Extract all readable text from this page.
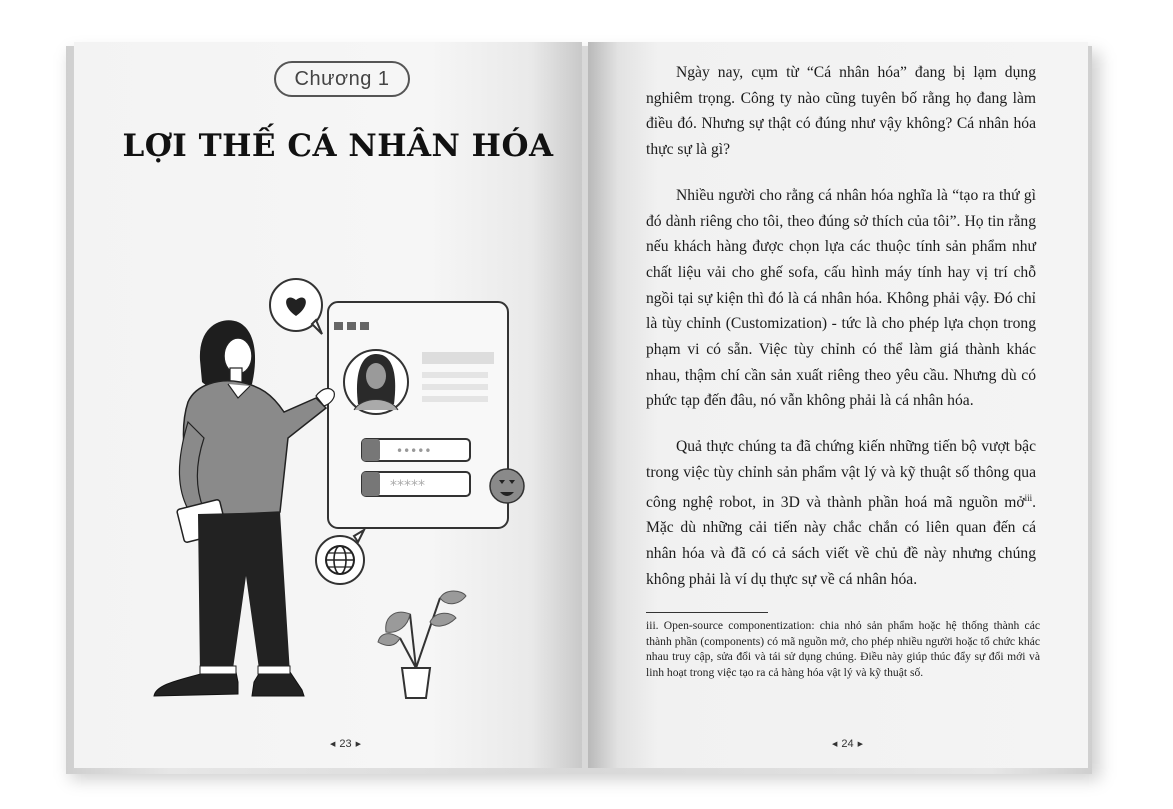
Chương 1
LỢI THẾ CÁ NHÂN HÓA
•••••
*****

Ngày nay, cụm từ “Cá nhân hóa” đang bị lạm dụng nghiêm trọng. Công ty nào cũng tuyên bố rằng họ đang làm điều đó. Nhưng sự thật có đúng như vậy không? Cá nhân hóa thực sự là gì?

Nhiều người cho rằng cá nhân hóa nghĩa là “tạo ra thứ gì đó dành riêng cho tôi, theo đúng sở thích của tôi”. Họ tin rằng nếu khách hàng được chọn lựa các thuộc tính sản phẩm như chất liệu vải cho ghế sofa, cấu hình máy tính hay vị trí chỗ ngồi tại sự kiện thì đó là cá nhân hóa. Không phải vậy. Đó chỉ là tùy chỉnh (Customization) - tức là cho phép lựa chọn trong phạm vi có sẵn. Việc tùy chỉnh có thể làm giá thành khác nhau, thậm chí cần sản xuất riêng theo yêu cầu. Nhưng dù có phức tạp đến đâu, nó vẫn không phải là cá nhân hóa.

Quả thực chúng ta đã chứng kiến những tiến bộ vượt bậc trong việc tùy chỉnh sản phẩm vật lý và kỹ thuật số thông qua công nghệ robot, in 3D và thành phần hoá mã nguồn mở$^{iii}$. Mặc dù những cải tiến này chắc chắn có liên quan đến cá nhân hóa và đã có cả sách viết về chủ đề này nhưng chúng không phải là ví dụ thực sự về cá nhân hóa.

iii. Open-source componentization: chia nhỏ sản phẩm hoặc hệ thống thành các thành phần (components) có mã nguồn mở, cho phép nhiều người hoặc tổ chức khác nhau truy cập, sửa đổi và tái sử dụng chúng. Điều này giúp thúc đẩy sự đổi mới và linh hoạt trong việc tạo ra cả hàng hóa vật lý và kỹ thuật số.
◀ 23 ▶	◀ 24 ▶
